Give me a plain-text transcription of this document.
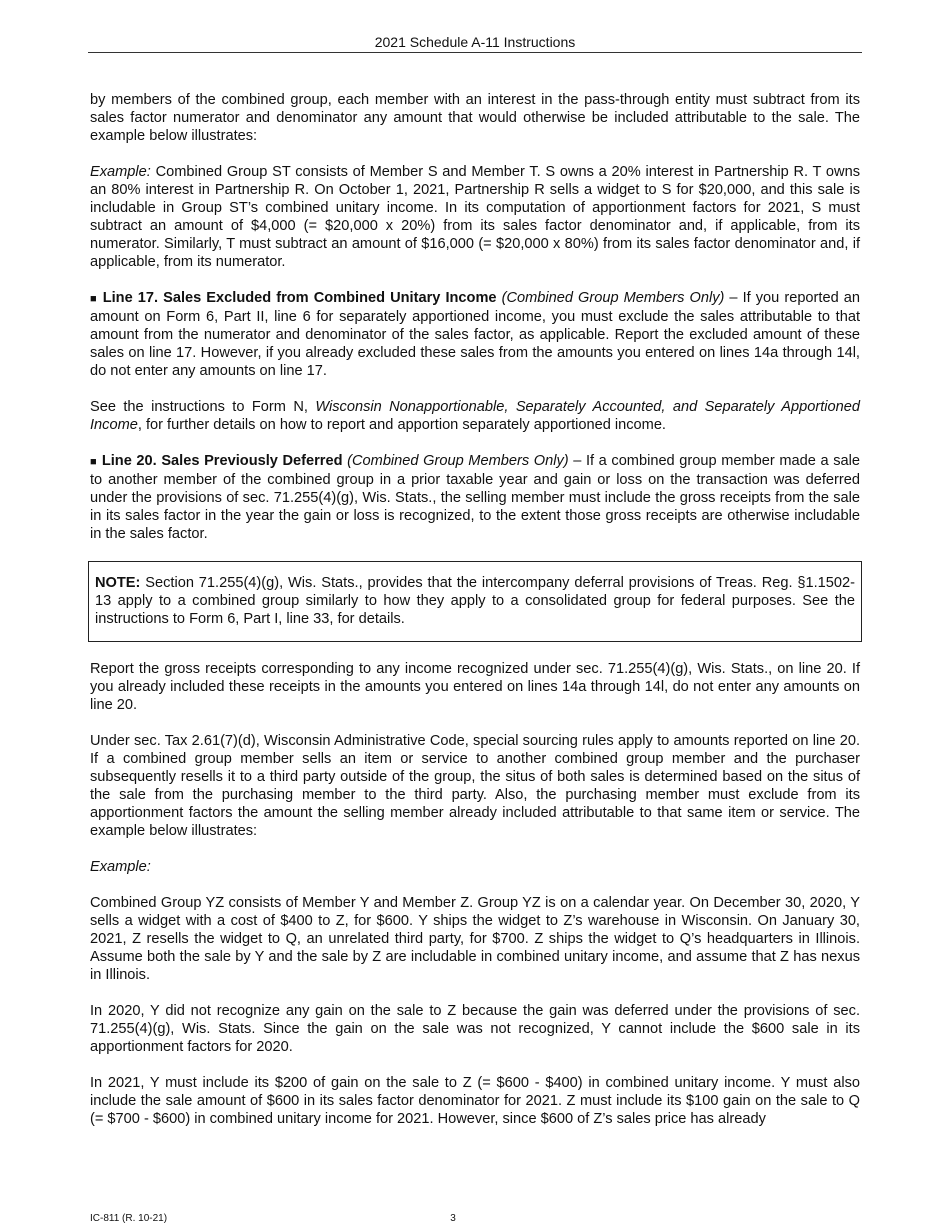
2021 Schedule A-11 Instructions

by members of the combined group, each member with an interest in the pass-through entity must subtract from its sales factor numerator and denominator any amount that would otherwise be included attributable to the sale. The example below illustrates:

Example: Combined Group ST consists of Member S and Member T. S owns a 20% interest in Partnership R. T owns an 80% interest in Partnership R. On October 1, 2021, Partnership R sells a widget to S for $20,000, and this sale is includable in Group ST’s combined unitary income. In its computation of apportionment factors for 2021, S must subtract an amount of $4,000 (= $20,000 x 20%) from its sales factor denominator and, if applicable, from its numerator. Similarly, T must subtract an amount of $16,000 (= $20,000 x 80%) from its sales factor denominator and, if applicable, from its numerator.

■ Line 17. Sales Excluded from Combined Unitary Income (Combined Group Members Only) – If you reported an amount on Form 6, Part II, line 6 for separately apportioned income, you must exclude the sales attributable to that amount from the numerator and denominator of the sales factor, as applicable. Report the excluded amount of these sales on line 17. However, if you already excluded these sales from the amounts you entered on lines 14a through 14l, do not enter any amounts on line 17.

See the instructions to Form N, Wisconsin Nonapportionable, Separately Accounted, and Separately Apportioned Income, for further details on how to report and apportion separately apportioned income.

■ Line 20. Sales Previously Deferred (Combined Group Members Only) – If a combined group member made a sale to another member of the combined group in a prior taxable year and gain or loss on the transaction was deferred under the provisions of sec. 71.255(4)(g), Wis. Stats., the selling member must include the gross receipts from the sale in its sales factor in the year the gain or loss is recognized, to the extent those gross receipts are otherwise includable in the sales factor.

NOTE: Section 71.255(4)(g), Wis. Stats., provides that the intercompany deferral provisions of Treas. Reg. §1.1502-13 apply to a combined group similarly to how they apply to a consolidated group for federal purposes. See the instructions to Form 6, Part I, line 33, for details.

Report the gross receipts corresponding to any income recognized under sec. 71.255(4)(g), Wis. Stats., on line 20. If you already included these receipts in the amounts you entered on lines 14a through 14l, do not enter any amounts on line 20.

Under sec. Tax 2.61(7)(d), Wisconsin Administrative Code, special sourcing rules apply to amounts reported on line 20. If a combined group member sells an item or service to another combined group member and the purchaser subsequently resells it to a third party outside of the group, the situs of both sales is determined based on the situs of the sale from the purchasing member to the third party. Also, the purchasing member must exclude from its apportionment factors the amount the selling member already included attributable to that same item or service. The example below illustrates:

Example:

Combined Group YZ consists of Member Y and Member Z. Group YZ is on a calendar year. On December 30, 2020, Y sells a widget with a cost of $400 to Z, for $600. Y ships the widget to Z’s warehouse in Wisconsin. On January 30, 2021, Z resells the widget to Q, an unrelated third party, for $700. Z ships the widget to Q’s headquarters in Illinois. Assume both the sale by Y and the sale by Z are includable in combined unitary income, and assume that Z has nexus in Illinois.

In 2020, Y did not recognize any gain on the sale to Z because the gain was deferred under the provisions of sec. 71.255(4)(g), Wis. Stats. Since the gain on the sale was not recognized, Y cannot include the $600 sale in its apportionment factors for 2020.

In 2021, Y must include its $200 of gain on the sale to Z (= $600 - $400) in combined unitary income. Y must also include the sale amount of $600 in its sales factor denominator for 2021. Z must include its $100 gain on the sale to Q (= $700 - $600) in combined unitary income for 2021. However, since $600 of Z’s sales price has already

IC-811 (R. 10-21)	3
